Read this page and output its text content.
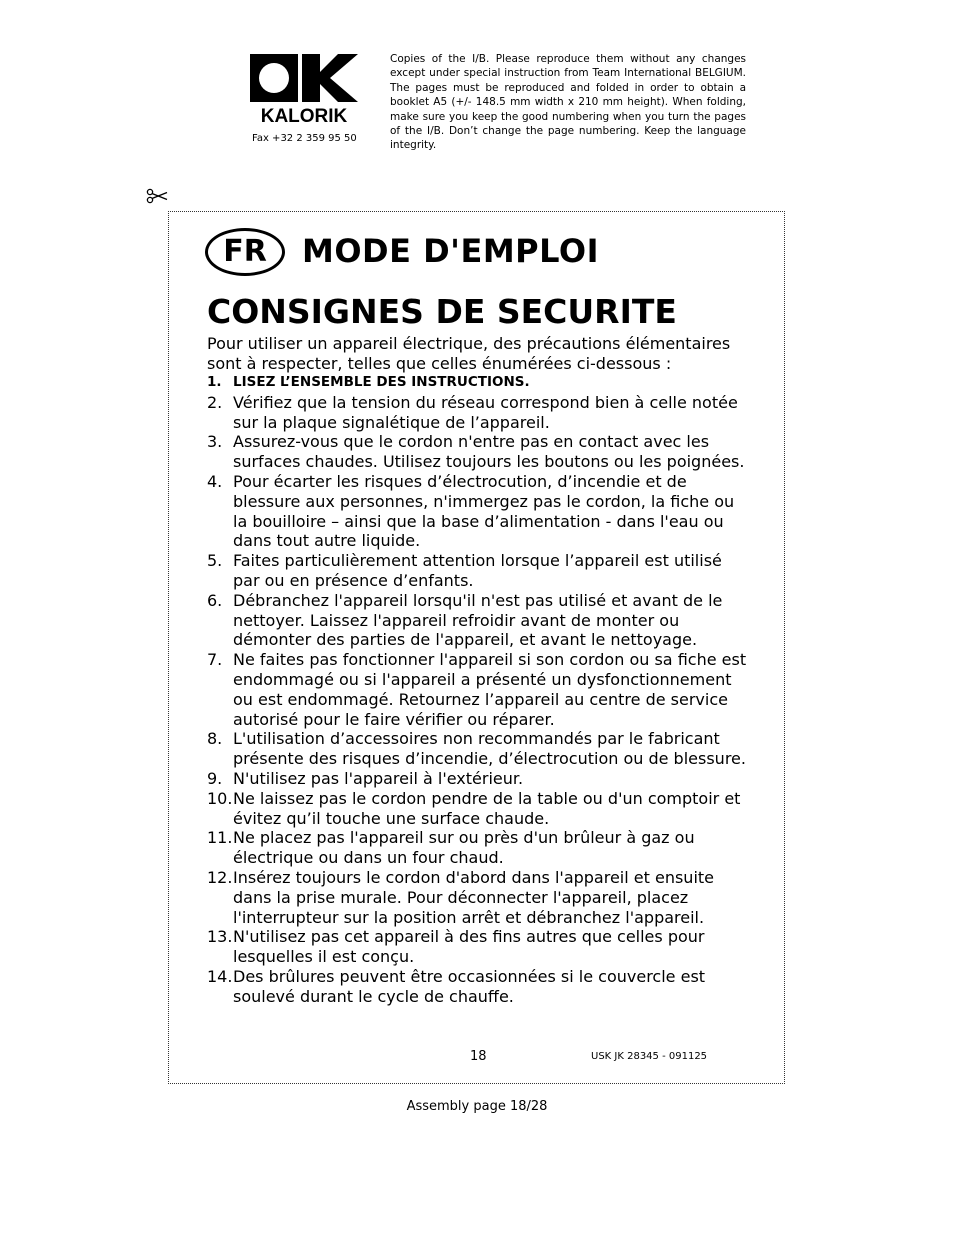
KALORIK
Fax +32 2 359 95 50
Copies of the I/B. Please reproduce them without any changes except under special instruction from Team International BELGIUM. The pages must be reproduced and folded in order to obtain a booklet A5 (+/- 148.5 mm width x 210 mm height). When folding, make sure you keep the good numbering when you turn the pages of the I/B. Don’t change the page numbering. Keep the language integrity.
FR	MODE D'EMPLOI
CONSIGNES DE SECURITE
Pour utiliser un appareil électrique, des précautions élémentaires sont à respecter, telles que celles énumérées ci-dessous :
1. LISEZ L’ENSEMBLE DES INSTRUCTIONS.
2. Vérifiez que la tension du réseau correspond bien à celle notée sur la plaque signalétique de l’appareil.
3. Assurez-vous que le cordon n'entre pas en contact avec les surfaces chaudes. Utilisez toujours les boutons ou les poignées.
4. Pour écarter les risques d’électrocution, d’incendie et de blessure aux personnes, n'immergez pas le cordon, la fiche ou la bouilloire – ainsi que la base d’alimentation - dans l'eau ou dans tout autre liquide.
5. Faites particulièrement attention lorsque l’appareil est utilisé par ou en présence d’enfants.
6. Débranchez l'appareil lorsqu'il n'est pas utilisé et avant de le nettoyer. Laissez l'appareil refroidir avant de monter ou démonter des parties de l'appareil, et avant le nettoyage.
7. Ne faites pas fonctionner l'appareil si son cordon ou sa fiche est endommagé ou si l'appareil a présenté un dysfonctionnement ou est endommagé. Retournez l’appareil au centre de service autorisé pour le faire vérifier ou réparer.
8. L'utilisation d’accessoires non recommandés par le fabricant présente des risques d’incendie, d’électrocution ou de blessure.
9. N'utilisez pas l'appareil à l'extérieur.
10. Ne laissez pas le cordon pendre de la table ou d'un comptoir et évitez qu’il touche une surface chaude.
11. Ne placez pas l'appareil sur ou près d'un brûleur à gaz ou électrique ou dans un four chaud.
12. Insérez toujours le cordon d'abord dans l'appareil et ensuite dans la prise murale. Pour déconnecter l'appareil, placez l'interrupteur sur la position arrêt et débranchez l'appareil.
13. N'utilisez pas cet appareil à des fins autres que celles pour lesquelles il est conçu.
14. Des brûlures peuvent être occasionnées si le couvercle est soulevé durant le cycle de chauffe.
18	USK JK 28345 - 091125
Assembly page 18/28
